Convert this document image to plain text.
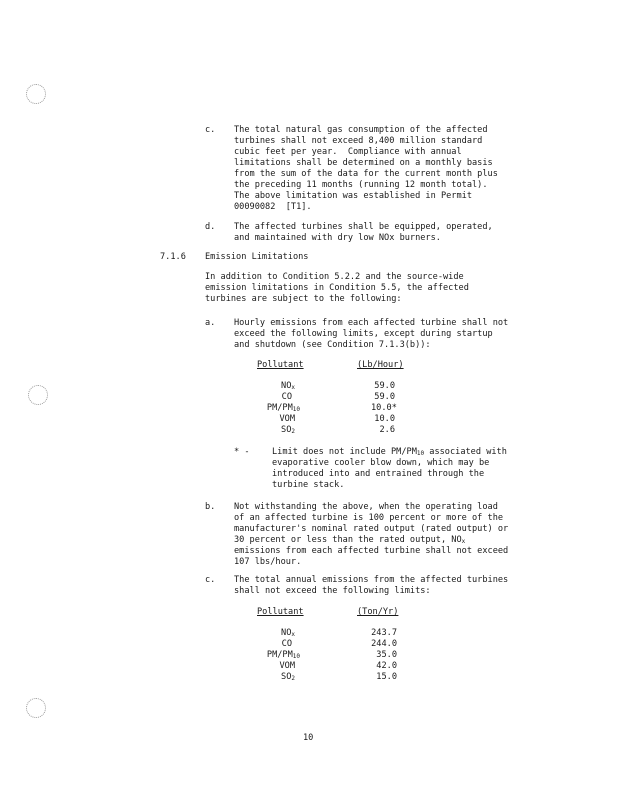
c. The total natural gas consumption of the affected
turbines shall not exceed 8,400 million standard
cubic feet per year.  Compliance with annual
limitations shall be determined on a monthly basis
from the sum of the data for the current month plus
the preceding 11 months (running 12 month total).
The above limitation was established in Permit
00090082  [T1].
d. The affected turbines shall be equipped, operated,
and maintained with dry low NOx burners.
7.1.6 Emission Limitations
In addition to Condition 5.2.2 and the source-wide
emission limitations in Condition 5.5, the affected
turbines are subject to the following:
a. Hourly emissions from each affected turbine shall not
exceed the following limits, except during startup
and shutdown (see Condition 7.1.3(b)):
Pollutant	(Lb/Hour)
$NO_x$	59.0
CO	59.0
$PM/PM_{10}$	10.0*
VOM	10.0
$SO_2$	2.6
* -	Limit does not include $PM/PM_{10}$ associated with
evaporative cooler blow down, which may be
introduced into and entrained through the
turbine stack.
b. Not withstanding the above, when the operating load
of an affected turbine is 100 percent or more of the
manufacturer's nominal rated output (rated output) or
30 percent or less than the rated output, $NO_x$
emissions from each affected turbine shall not exceed
107 lbs/hour.
c. The total annual emissions from the affected turbines
shall not exceed the following limits:
Pollutant	(Ton/Yr)
$NO_x$	243.7
CO	244.0
$PM/PM_{10}$	35.0
VOM	42.0
$SO_2$	15.0
10
